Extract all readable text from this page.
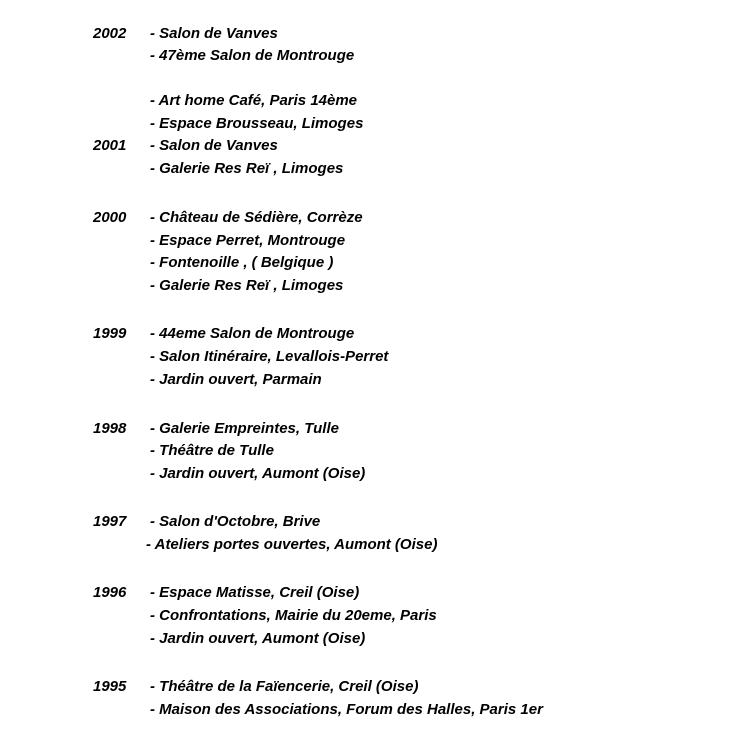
2002 - Salon de Vanves
- 47ème Salon de Montrouge
- Art home Café, Paris 14ème
- Espace Brousseau, Limoges
2001 - Salon de Vanves
- Galerie Res Reï , Limoges
2000 - Château de Sédière, Corrèze
- Espace Perret, Montrouge
- Fontenoille , ( Belgique )
- Galerie Res Reï , Limoges
1999 - 44eme Salon de Montrouge
- Salon Itinéraire, Levallois-Perret
- Jardin ouvert, Parmain
1998 - Galerie Empreintes, Tulle
- Théâtre de Tulle
- Jardin ouvert, Aumont (Oise)
1997 - Salon d'Octobre, Brive
- Ateliers portes ouvertes, Aumont (Oise)
1996 - Espace Matisse, Creil (Oise)
- Confrontations, Mairie du 20eme, Paris
- Jardin ouvert, Aumont (Oise)
1995 - Théâtre de la Faïencerie, Creil (Oise)
- Maison des Associations, Forum des Halles, Paris 1er
